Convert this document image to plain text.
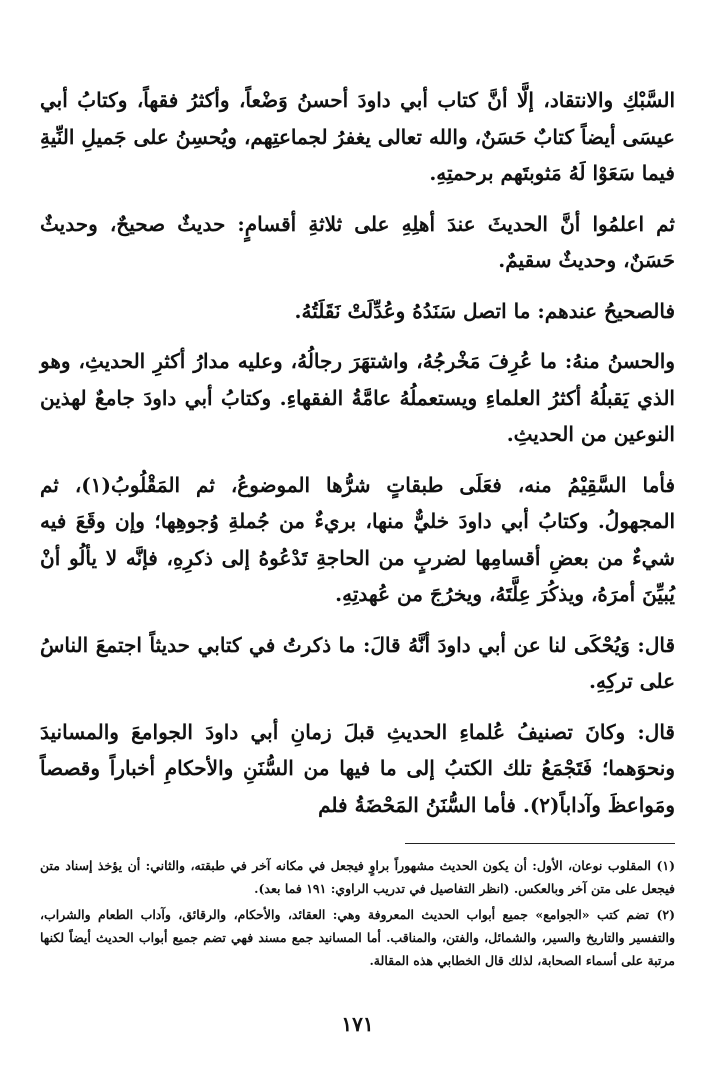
السَّبْكِ والانتقاد، إلَّا أنَّ كتاب أبي داودَ أحسنُ وَضْعاً، وأكثرُ فقهاً، وكتابُ أبي عيسَى أيضاً كتابٌ حَسَنٌ، والله تعالى يغفرُ لجماعتِهم، ويُحسِنُ على جَميلِ النِّيةِ فيما سَعَوْا لَهُ مَثوبتَهم برحمتِهِ.

ثم اعلمُوا أنَّ الحديثَ عندَ أهلِهِ على ثلاثةِ أقسامٍ: حديثٌ صحيحٌ، وحديثٌ حَسَنٌ، وحديثٌ سقيمٌ.

فالصحيحُ عندهم: ما اتصل سَنَدُهُ وعُدِّلَتْ نَقَلَتُهُ.

والحسنُ منهُ: ما عُرِفَ مَخْرجُهُ، واشتهَرَ رجالُهُ، وعليه مدارُ أكثرِ الحديثِ، وهو الذي يَقبلُهُ أكثرُ العلماءِ ويستعملُهُ عامَّةُ الفقهاءِ. وكتابُ أبي داودَ جامعٌ لهذين النوعين من الحديثِ.

فأما السَّقِيْمُ منه، فعَلَى طبقاتٍ شرُّها الموضوعُ، ثم المَقْلُوبُ(١)، ثم المجهولُ. وكتابُ أبي داودَ خليٌّ منها، بريءٌ من جُملةِ وُجوهِها؛ وإن وقَعَ فيه شيءٌ من بعضِ أقسامِها لضربٍ من الحاجةِ تَدْعُوهُ إلى ذكرِهِ، فإنَّه لا يألُو أنْ يُبيِّنَ أمرَهُ، ويذكُرَ عِلَّتَهُ، ويخرُجَ من عُهدتِهِ.

قال: وَيُحْكَى لنا عن أبي داودَ أنَّهُ قالَ: ما ذكرتُ في كتابي حديثاً اجتمعَ الناسُ على تركِهِ.

قال: وكانَ تصنيفُ عُلماءِ الحديثِ قبلَ زمانِ أبي داودَ الجوامعَ والمسانيدَ ونحوَهما؛ فَتَجْمَعُ تلك الكتبُ إلى ما فيها من السُّنَنِ والأحكامِ أخباراً وقصصاً ومَواعظَ وآداباً(٢). فأما السُّنَنُ المَحْضَةُ فلم

(١) المقلوب نوعان، الأول: أن يكون الحديث مشهوراً براوٍ فيجعل في مكانه آخر في طبقته، والثاني: أن يؤخذ إسناد متن فيجعل على متن آخر وبالعكس. (انظر التفاصيل في تدريب الراوي: ١٩١ فما بعد).

(٢) تضم كتب «الجوامع» جميع أبواب الحديث المعروفة وهي: العقائد، والأحكام، والرقائق، وآداب الطعام والشراب، والتفسير والتاريخ والسير، والشمائل، والفتن، والمناقب. أما المسانيد جمع مسند فهي تضم جميع أبواب الحديث أيضاً لكنها مرتبة على أسماء الصحابة، لذلك قال الخطابي هذه المقالة.

١٧١
